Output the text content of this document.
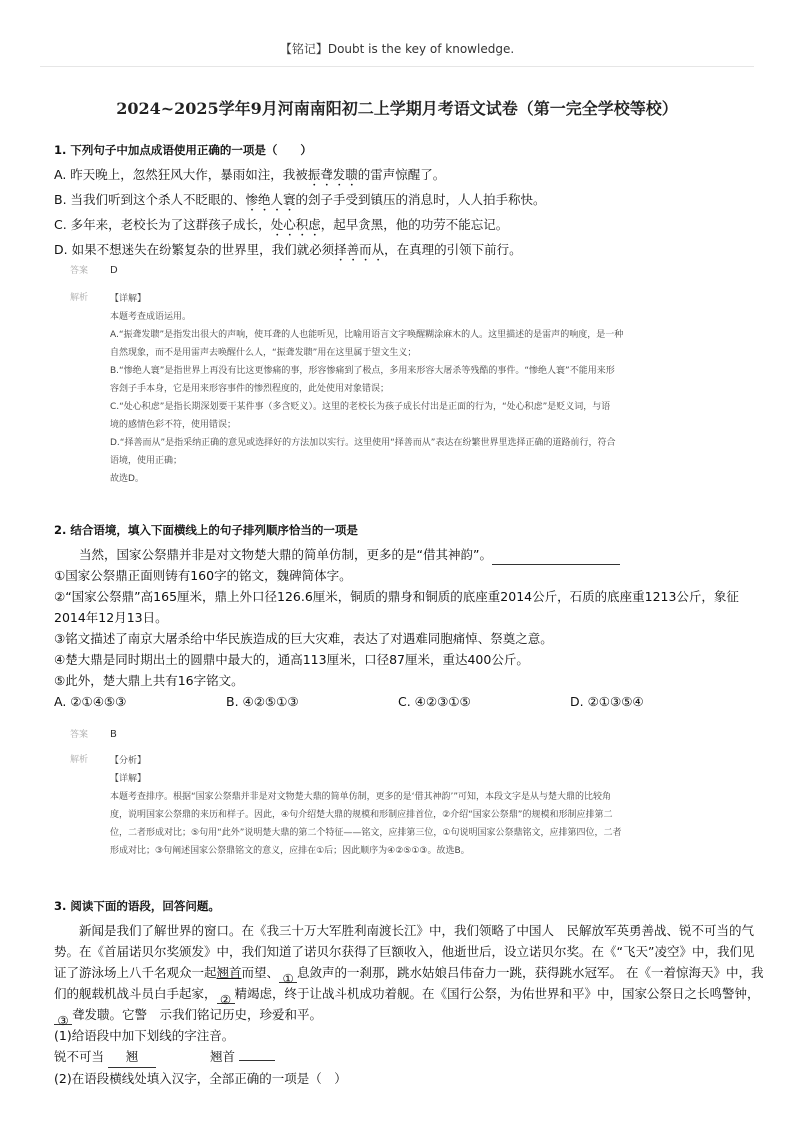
【铭记】Doubt is the key of knowledge.
2024~2025学年9月河南南阳初二上学期月考语文试卷（第一完全学校等校）
1. 下列句子中加点成语使用正确的一项是（　　）
A. 昨天晚上，忽然狂风大作，暴雨如注，我被振聋发聩的雷声惊醒了。
B. 当我们听到这个杀人不眨眼的、惨绝人寰的刽子手受到镇压的消息时，人人拍手称快。
C. 多年来，老校长为了这群孩子成长，处心积虑，起早贪黑，他的功劳不能忘记。
D. 如果不想迷失在纷繁复杂的世界里，我们就必须择善而从，在真理的引领下前行。
答案 D
解析	【详解】
本题考查成语运用。
A.“振聋发聩”是指发出很大的声响，使耳聋的人也能听见，比喻用语言文字唤醒糊涂麻木的人。这里描述的是雷声的响度，是一种
自然现象，而不是用雷声去唤醒什么人，“振聋发聩”用在这里属于望文生义；
B.“惨绝人寰”是指世界上再没有比这更惨痛的事，形容惨痛到了极点，多用来形容大屠杀等残酷的事件。“惨绝人寰”不能用来形
容刽子手本身，它是用来形容事件的惨烈程度的，此处使用对象错误；
C.“处心积虑”是指长期深划要干某件事（多含贬义）。这里的老校长为孩子成长付出是正面的行为，“处心积虑”是贬义词，与语
境的感情色彩不符，使用错误；
D.“择善而从”是指采纳正确的意见或选择好的方法加以实行。这里使用“择善而从”表达在纷繁世界里选择正确的道路前行，符合
语境，使用正确；
故选D。
2. 结合语境，填入下面横线上的句子排列顺序恰当的一项是
当然，国家公祭鼎并非是对文物楚大鼎的简单仿制，更多的是“借其神韵”。
①国家公祭鼎正面则铸有160字的铭文，魏碑简体字。
②“国家公祭鼎”高165厘米，鼎上外口径126.6厘米，铜质的鼎身和铜质的底座重2014公斤，石质的底座重1213公斤，象征
2014年12月13日。
③铭文描述了南京大屠杀给中华民族造成的巨大灾难，表达了对遇难同胞痛悼、祭奠之意。
④楚大鼎是同时期出土的圆鼎中最大的，通高113厘米，口径87厘米，重达400公斤。
⑤此外，楚大鼎上共有16字铭文。
A. ②①④⑤③	B. ④②⑤①③	C. ④②③①⑤	D. ②①③⑤④
答案 B
解析	【分析】
【详解】
本题考查排序。根据“国家公祭鼎并非是对文物楚大鼎的简单仿制，更多的是‘借其神韵’”可知，本段文字是从与楚大鼎的比较角
度，说明国家公祭鼎的来历和样子。因此，④句介绍楚大鼎的规模和形制应排首位，②介绍“国家公祭鼎”的规模和形制应排第二
位，二者形成对比；⑤句用“此外”说明楚大鼎的第二个特征——铭文，应排第三位，①句说明国家公祭鼎铭文，应排第四位，二者
形成对比；③句阐述国家公祭鼎铭文的意义，应排在①后；因此顺序为④②⑤①③。故选B。
3. 阅读下面的语段，回答问题。
新闻是我们了解世界的窗口。在《我三十万大军胜利南渡长江》中，我们领略了中国人　民解放军英勇善战、锐不可当的气
势。在《首届诺贝尔奖颁发》中，我们知道了诺贝尔获得了巨额收入，他逝世后，设立诺贝尔奖。在《“飞天”凌空》中，我们见
证了游泳场上八千名观众一起翘首而望、 ① 息敛声的一刹那，跳水姑娘吕伟奋力一跳，获得跳水冠军。 在《一着惊海天》中，我
们的舰载机战斗员白手起家， ② 精竭虑，终于让战斗机成功着舰。在《国行公祭，为佑世界和平》中，国家公祭日之长鸣警钟，
③ 聋发聩。它警　示我们铭记历史，珍爱和平。
(1)给语段中加下划线的字注音。
锐不可当 翘	翘首
(2)在语段横线处填入汉字，全部正确的一项是（　）
